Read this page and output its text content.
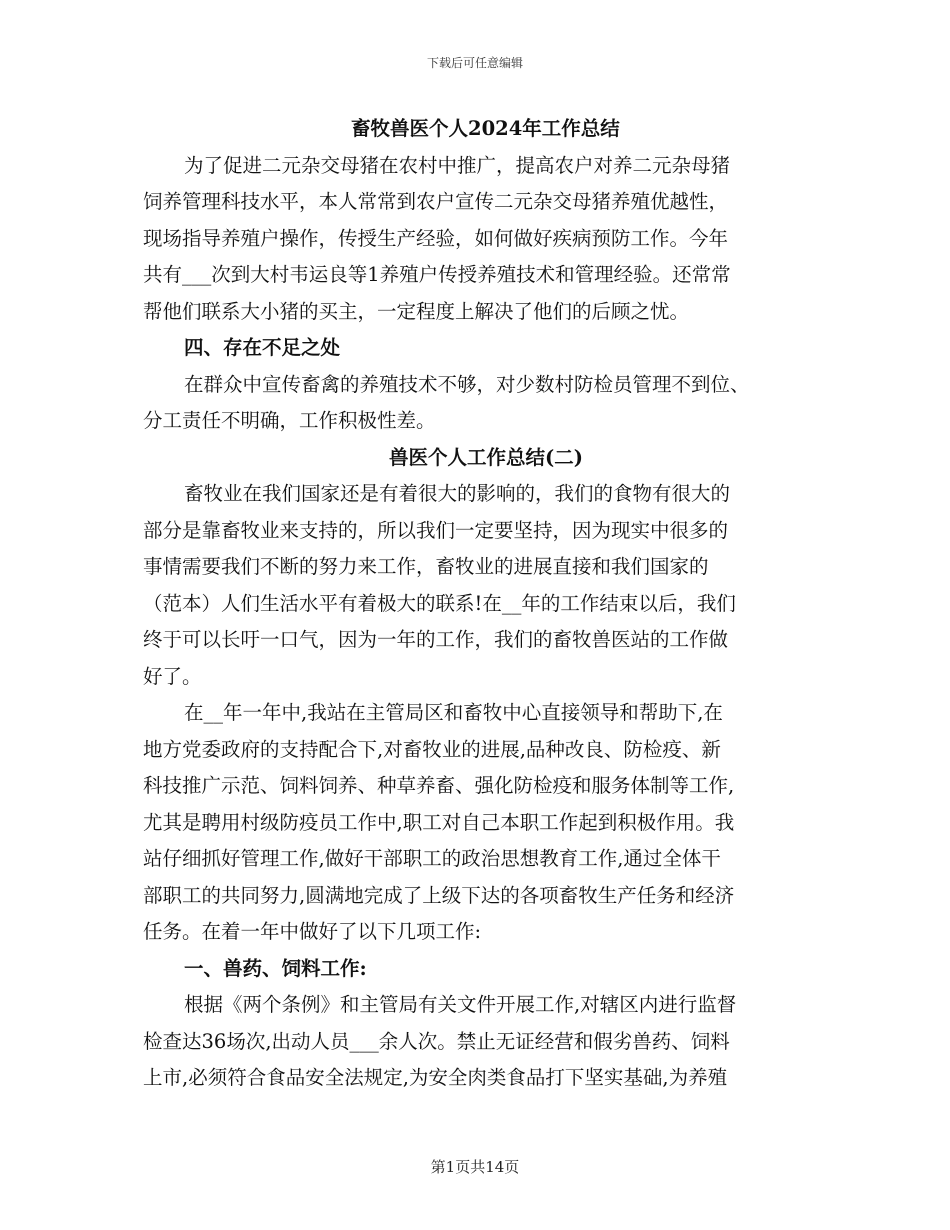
下载后可任意编辑
畜牧兽医个人2024年工作总结
为了促进二元杂交母猪在农村中推广，提高农户对养二元杂母猪
饲养管理科技水平，本人常常到农户宣传二元杂交母猪养殖优越性，
现场指导养殖户操作，传授生产经验，如何做好疾病预防工作。今年
共有___次到大村韦运良等1养殖户传授养殖技术和管理经验。还常常
帮他们联系大小猪的买主，一定程度上解决了他们的后顾之忧。
四、存在不足之处
在群众中宣传畜禽的养殖技术不够，对少数村防检员管理不到位、
分工责任不明确，工作积极性差。
兽医个人工作总结(二)
畜牧业在我们国家还是有着很大的影响的，我们的食物有很大的
部分是靠畜牧业来支持的，所以我们一定要坚持，因为现实中很多的
事情需要我们不断的努力来工作，畜牧业的进展直接和我们国家的
（范本）人们生活水平有着极大的联系!在__年的工作结束以后，我们
终于可以长吁一口气，因为一年的工作，我们的畜牧兽医站的工作做
好了。
在__年一年中,我站在主管局区和畜牧中心直接领导和帮助下,在
地方党委政府的支持配合下,对畜牧业的进展,品种改良、防检疫、新
科技推广示范、饲料饲养、种草养畜、强化防检疫和服务体制等工作,
尤其是聘用村级防疫员工作中,职工对自己本职工作起到积极作用。我
站仔细抓好管理工作,做好干部职工的政治思想教育工作,通过全体干
部职工的共同努力,圆满地完成了上级下达的各项畜牧生产任务和经济
任务。在着一年中做好了以下几项工作:
一、兽药、饲料工作:
根据《两个条例》和主管局有关文件开展工作,对辖区内进行监督
检查达36场次,出动人员___余人次。禁止无证经营和假劣兽药、饲料
上市,必须符合食品安全法规定,为安全肉类食品打下坚实基础,为养殖
第1页共14页
